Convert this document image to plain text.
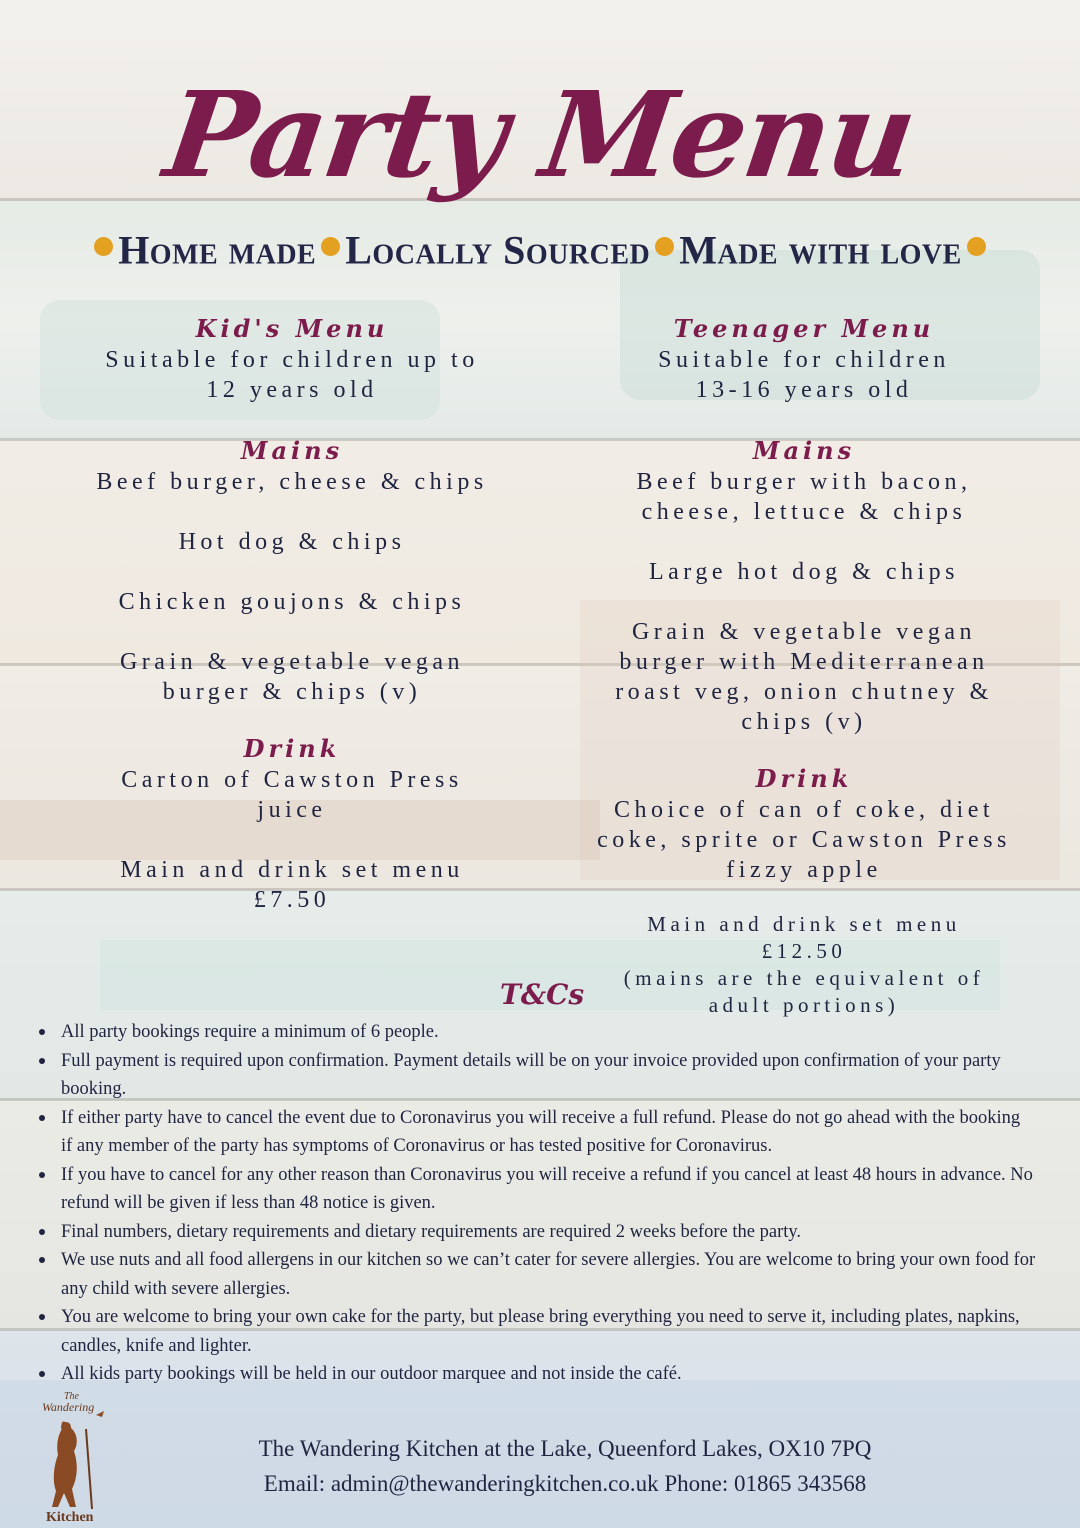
Party Menu
Home made Locally Sourced Made with love
Kid's Menu
Suitable for children up to
12 years old
Mains
Beef burger, cheese & chips
Hot dog & chips
Chicken goujons & chips
Grain & vegetable vegan
burger & chips (v)
Drink
Carton of Cawston Press
juice
Main and drink set menu
£7.50
Teenager Menu
Suitable for children
13-16 years old
Mains
Beef burger with bacon,
cheese, lettuce & chips
Large hot dog & chips
Grain & vegetable vegan
burger with Mediterranean
roast veg, onion chutney &
chips (v)
Drink
Choice of can of coke, diet
coke, sprite or Cawston Press
fizzy apple
Main and drink set menu
£12.50
(mains are the equivalent of
adult portions)
T&Cs
All party bookings require a minimum of 6 people.
Full payment is required upon confirmation. Payment details will be on your invoice provided upon confirmation of your party booking.
If either party have to cancel the event due to Coronavirus you will receive a full refund. Please do not go ahead with the booking if any member of the party has symptoms of Coronavirus or has tested positive for Coronavirus.
If you have to cancel for any other reason than Coronavirus you will receive a refund if you cancel at least 48 hours in advance. No refund will be given if less than 48 notice is given.
Final numbers, dietary requirements and dietary requirements are required 2 weeks before the party.
We use nuts and all food allergens in our kitchen so we can’t cater for severe allergies. You are welcome to bring your own food for any child with severe allergies.
You are welcome to bring your own cake for the party, but please bring everything you need to serve it, including plates, napkins, candles, knife and lighter.
All kids party bookings will be held in our outdoor marquee and not inside the café.
The
Wandering
Kitchen
The Wandering Kitchen at the Lake, Queenford Lakes, OX10 7PQ
Email: admin@thewanderingkitchen.co.uk Phone: 01865 343568
